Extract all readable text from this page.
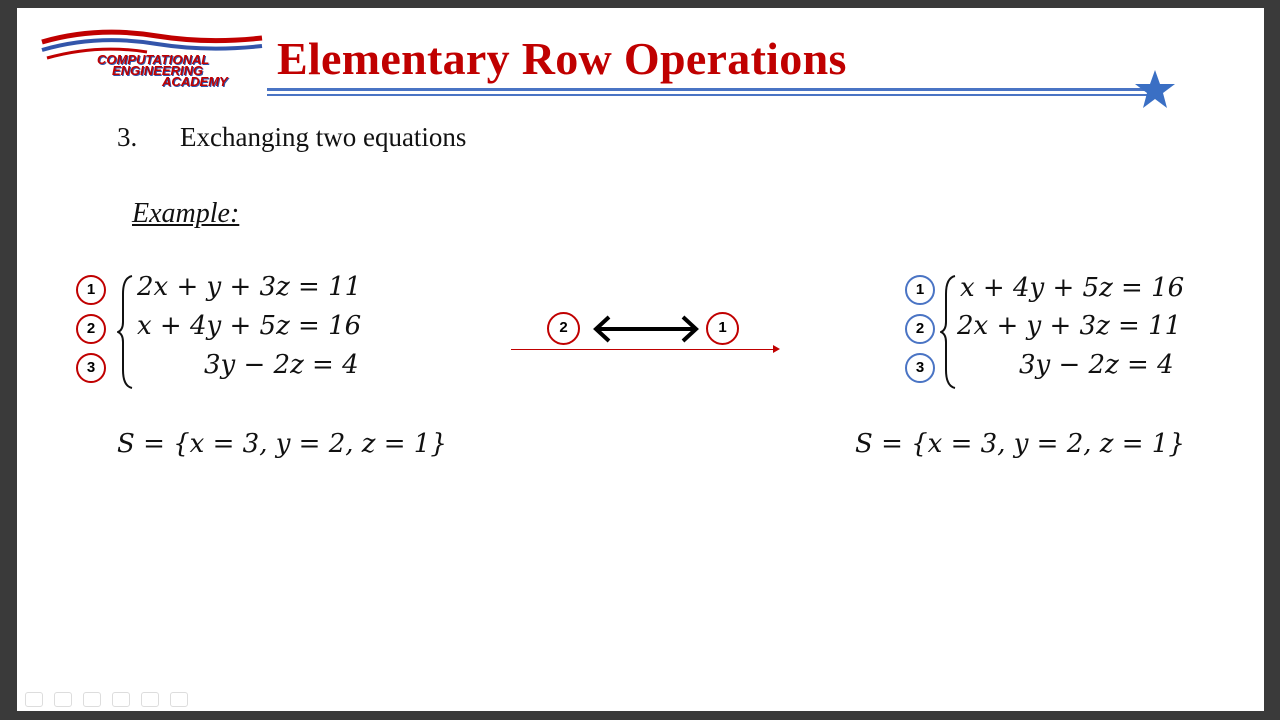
COMPUTATIONAL
ENGINEERING
ACADEMY Elementary Row Operations
3. Exchanging two equations
Example:
1
2
3
2x + y + 3z = 11
x + 4y + 5z = 16
3y − 2z = 4
S = {x = 3, y = 2, z = 1}
2	1
1
2
3
x + 4y + 5z = 16
2x + y + 3z = 11
3y − 2z = 4
S = {x = 3, y = 2, z = 1}
